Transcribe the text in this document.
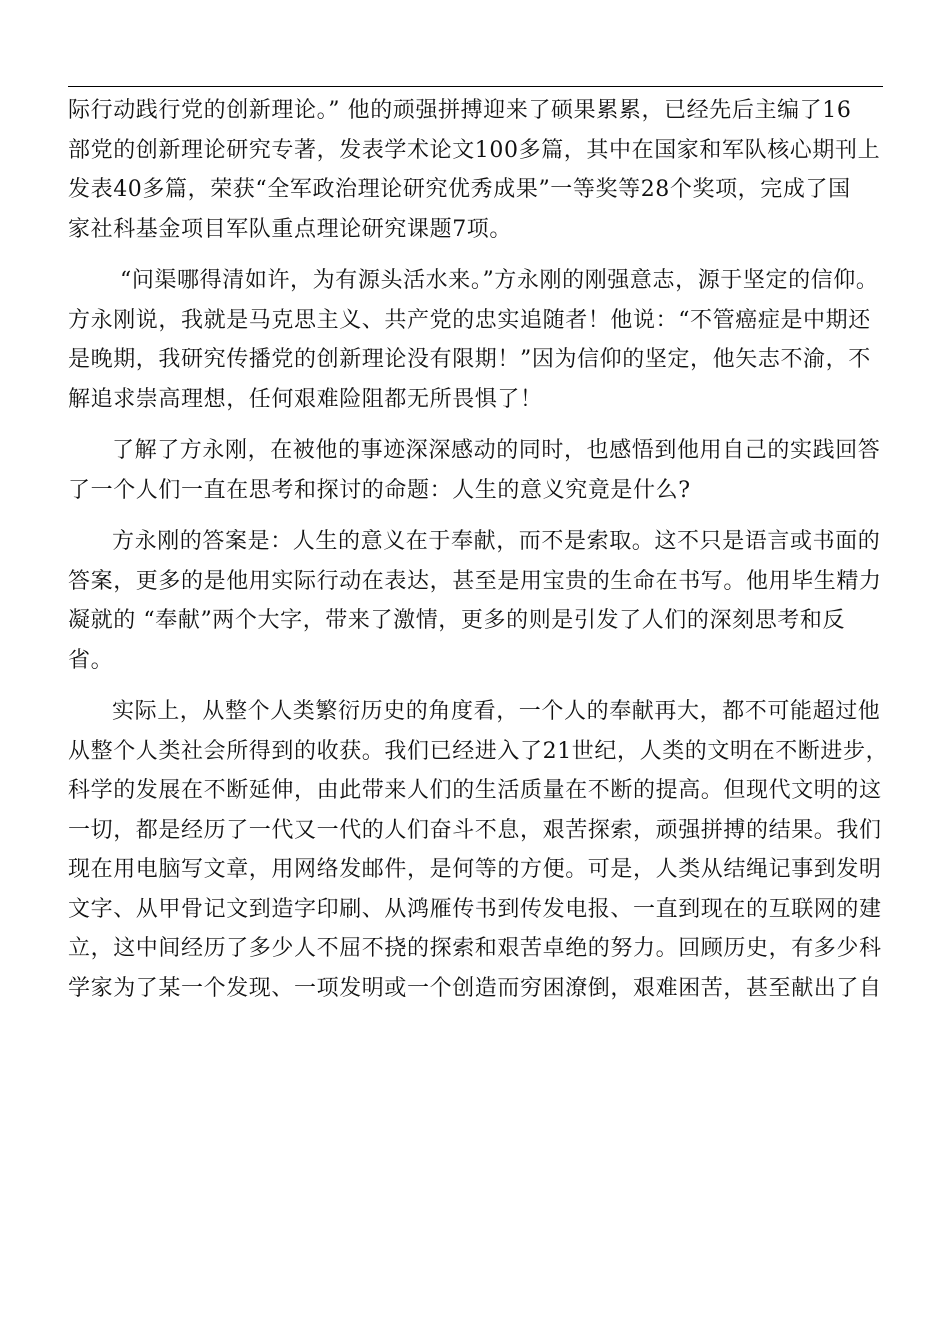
际行动践行党的创新理论。” 他的顽强拼搏迎来了硕果累累，已经先后主编了16
部党的创新理论研究专著，发表学术论文100多篇，其中在国家和军队核心期刊上
发表40多篇，荣获“全军政治理论研究优秀成果”一等奖等28个奖项，完成了国
家社科基金项目军队重点理论研究课题7项。
“问渠哪得清如许，为有源头活水来。”方永刚的刚强意志，源于坚定的信仰。
方永刚说，我就是马克思主义、共产党的忠实追随者！他说：“不管癌症是中期还
是晚期，我研究传播党的创新理论没有限期！”因为信仰的坚定，他矢志不渝，不
解追求崇高理想，任何艰难险阻都无所畏惧了！
了解了方永刚，在被他的事迹深深感动的同时，也感悟到他用自己的实践回答
了一个人们一直在思考和探讨的命题：人生的意义究竟是什么?
方永刚的答案是：人生的意义在于奉献，而不是索取。这不只是语言或书面的
答案，更多的是他用实际行动在表达，甚至是用宝贵的生命在书写。他用毕生精力
凝就的 “奉献”两个大字，带来了激情，更多的则是引发了人们的深刻思考和反
省。
实际上，从整个人类繁衍历史的角度看，一个人的奉献再大，都不可能超过他
从整个人类社会所得到的收获。我们已经进入了21世纪，人类的文明在不断进步，
科学的发展在不断延伸，由此带来人们的生活质量在不断的提高。但现代文明的这
一切，都是经历了一代又一代的人们奋斗不息，艰苦探索，顽强拼搏的结果。我们
现在用电脑写文章，用网络发邮件，是何等的方便。可是，人类从结绳记事到发明
文字、从甲骨记文到造字印刷、从鸿雁传书到传发电报、一直到现在的互联网的建
立，这中间经历了多少人不屈不挠的探索和艰苦卓绝的努力。回顾历史，有多少科
学家为了某一个发现、一项发明或一个创造而穷困潦倒，艰难困苦，甚至献出了自
